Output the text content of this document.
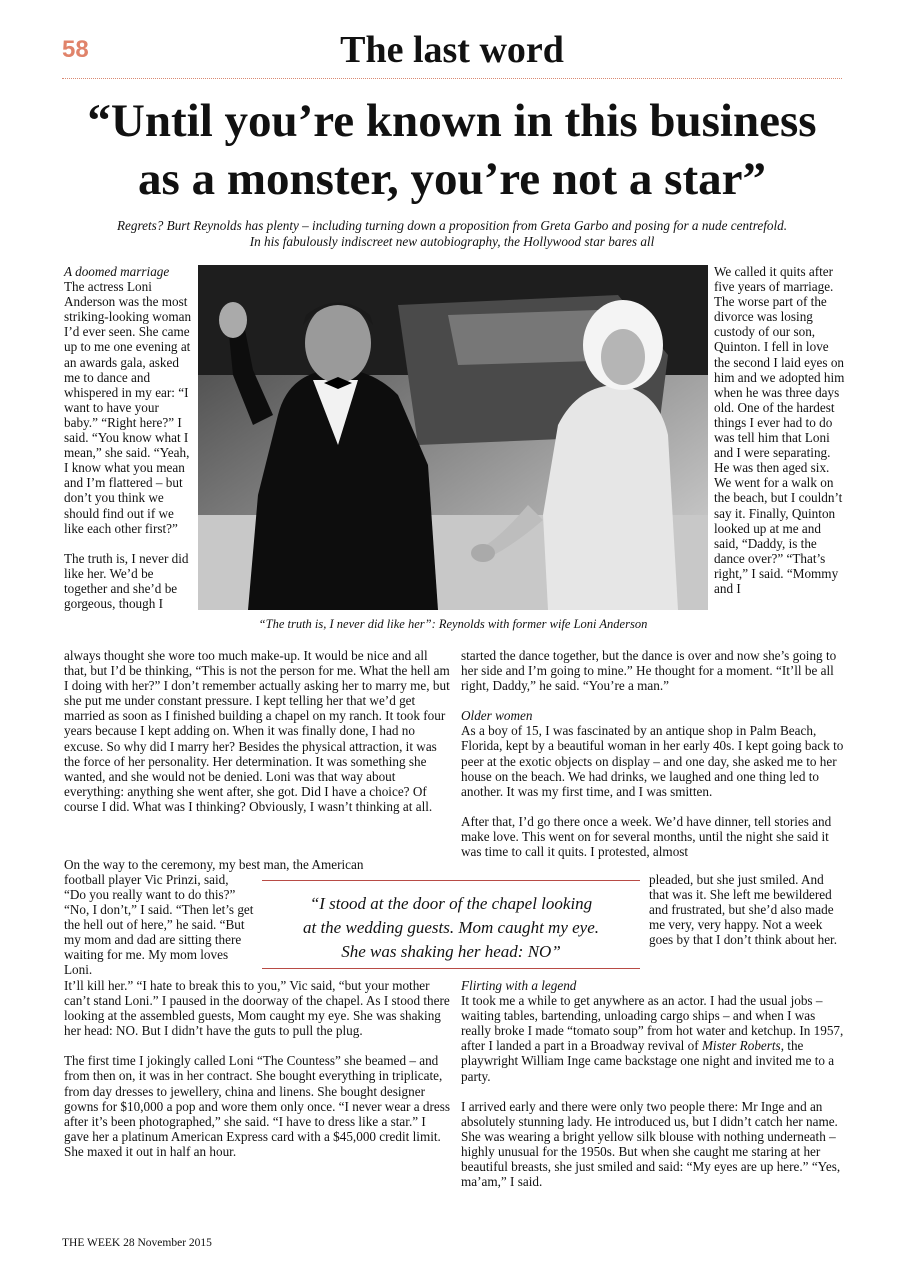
58	The last word
“Until you’re known in this business
as a monster, you’re not a star”
Regrets? Burt Reynolds has plenty – including turning down a proposition from Greta Garbo and posing for a nude centrefold.
In his fabulously indiscreet new autobiography, the Hollywood star bares all

A doomed marriage

The actress Loni Anderson was the most striking-looking woman I’d ever seen. She came up to me one evening at an awards gala, asked me to dance and whispered in my ear: “I want to have your baby.” “Right here?” I said. “You know what I mean,” she said. “Yeah, I know what you mean and I’m flattered – but don’t you think we should find out if we like each other first?”

The truth is, I never did like her. We’d be together and she’d be gorgeous, though I

“The truth is, I never did like her”: Reynolds with former wife Loni Anderson

We called it quits after five years of marriage. The worse part of the divorce was losing custody of our son, Quinton. I fell in love the second I laid eyes on him and we adopted him when he was three days old. One of the hardest things I ever had to do was tell him that Loni and I were separating. He was then aged six. We went for a walk on the beach, but I couldn’t say it. Finally, Quinton looked up at me and said, “Daddy, is the dance over?” “That’s right,” I said. “Mommy and I

always thought she wore too much make-up. It would be nice and all that, but I’d be thinking, “This is not the person for me. What the hell am I doing with her?” I don’t remember actually asking her to marry me, but she put me under constant pressure. I kept telling her that we’d get married as soon as I finished building a chapel on my ranch. It took four years because I kept adding on. When it was finally done, I had no excuse. So why did I marry her? Besides the physical attraction, it was the force of her personality. Her determination. It was something she wanted, and she would not be denied. Loni was that way about everything: anything she went after, she got. Did I have a choice? Of course I did. What was I thinking? Obviously, I wasn’t thinking at all.

On the way to the ceremony, my best man, the American football player Vic Prinzi, said,

“Do you really want to do this?” “No, I don’t,” I said. “Then let’s get the hell out of here,” he said. “But my mom and dad are sitting there waiting for me. My mom loves Loni.

It’ll kill her.” “I hate to break this to you,” Vic said, “but your mother can’t stand Loni.” I paused in the doorway of the chapel. As I stood there looking at the assembled guests, Mom caught my eye. She was shaking her head: NO. But I didn’t have the guts to pull the plug.

The first time I jokingly called Loni “The Countess” she beamed – and from then on, it was in her contract. She bought everything in triplicate, from day dresses to jewellery, china and linens. She bought designer gowns for $10,000 a pop and wore them only once. “I never wear a dress after it’s been photographed,” she said. “I have to dress like a star.” I gave her a platinum American Express card with a $45,000 credit limit. She maxed it out in half an hour.

started the dance together, but the dance is over and now she’s going to her side and I’m going to mine.” He thought for a moment. “It’ll be all right, Daddy,” he said. “You’re a man.”

Older women

As a boy of 15, I was fascinated by an antique shop in Palm Beach, Florida, kept by a beautiful woman in her early 40s. I kept going back to peer at the exotic objects on display – and one day, she asked me to her house on the beach. We had drinks, we laughed and one thing led to another. It was my first time, and I was smitten.

After that, I’d go there once a week. We’d have dinner, tell stories and make love. This went on for several months, until the night she said it was time to call it quits. I protested, almost

pleaded, but she just smiled. And that was it. She left me bewildered and frustrated, but she’d also made me very, very happy. Not a week goes by that I don’t think about her.

Flirting with a legend

It took me a while to get anywhere as an actor. I had the usual jobs – waiting tables, bartending, unloading cargo ships – and when I was really broke I made “tomato soup” from hot water and ketchup. In 1957, after I landed a part in a Broadway revival of Mister Roberts, the playwright William Inge came backstage one night and invited me to a party.

I arrived early and there were only two people there: Mr Inge and an absolutely stunning lady. He introduced us, but I didn’t catch her name. She was wearing a bright yellow silk blouse with nothing underneath – highly unusual for the 1950s. But when she caught me staring at her beautiful breasts, she just smiled and said: “My eyes are up here.” “Yes, ma’am,” I said.

“I stood at the door of the chapel looking
at the wedding guests. Mom caught my eye.
She was shaking her head: NO”
THE WEEK 28 November 2015
